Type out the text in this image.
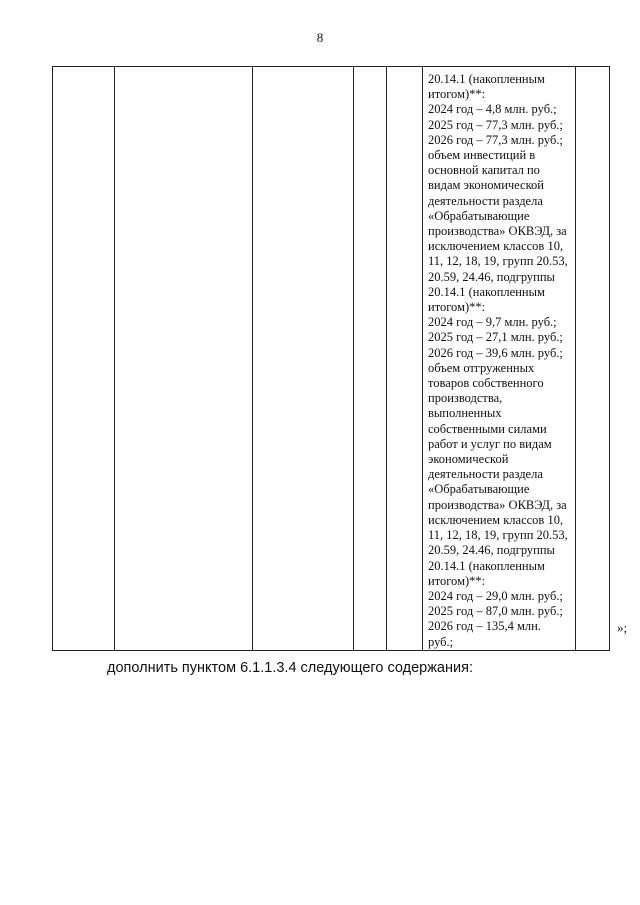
8

20.14.1 (накопленным
итогом)**:
2024 год – 4,8 млн. руб.;
2025 год – 77,3 млн. руб.;
2026 год – 77,3 млн. руб.;
объем инвестиций в
основной капитал по
видам экономической
деятельности раздела
«Обрабатывающие
производства» ОКВЭД, за
исключением классов 10,
11, 12, 18, 19, групп 20.53,
20.59, 24.46, подгруппы
20.14.1 (накопленным
итогом)**:
2024 год – 9,7 млн. руб.;
2025 год – 27,1 млн. руб.;
2026 год – 39,6 млн. руб.;
объем отгруженных
товаров собственного
производства,
выполненных
собственными силами
работ и услуг по видам
экономической
деятельности раздела
«Обрабатывающие
производства» ОКВЭД, за
исключением классов 10,
11, 12, 18, 19, групп 20.53,
20.59, 24.46, подгруппы
20.14.1 (накопленным
итогом)**:
2024 год – 29,0 млн. руб.;
2025 год – 87,0 млн. руб.;
2026 год – 135,4 млн.
руб.;

»;
дополнить пунктом 6.1.1.3.4 следующего содержания:
